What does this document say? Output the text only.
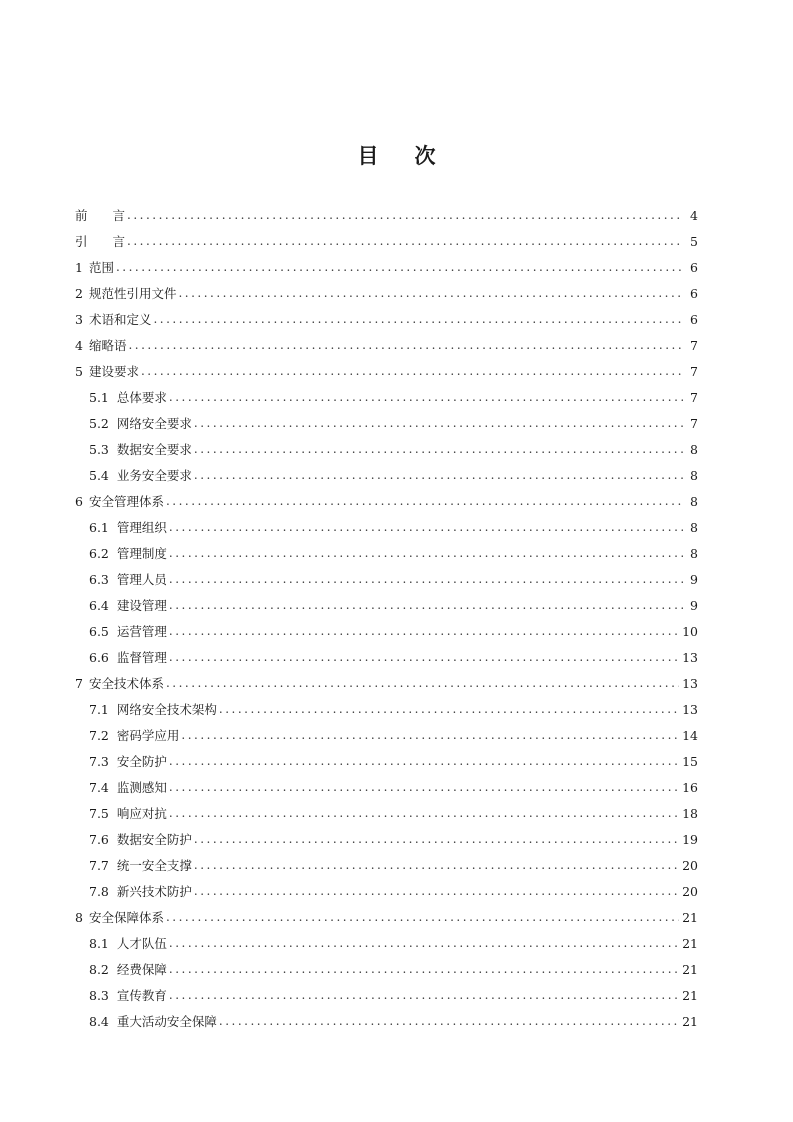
目 次
前　　言 .....	4
引　　言 .....	5
1 范围 .....	6
2 规范性引用文件 .....	6
3 术语和定义 .....	6
4 缩略语 .....	7
5 建设要求 .....	7
5.1 总体要求 .....	7
5.2 网络安全要求 .....	7
5.3 数据安全要求 .....	8
5.4 业务安全要求 .....	8
6 安全管理体系 .....	8
6.1 管理组织 .....	8
6.2 管理制度 .....	8
6.3 管理人员 .....	9
6.4 建设管理 .....	9
6.5 运营管理 .....	10
6.6 监督管理 .....	13
7 安全技术体系 .....	13
7.1 网络安全技术架构 .....	13
7.2 密码学应用 .....	14
7.3 安全防护 .....	15
7.4 监测感知 .....	16
7.5 响应对抗 .....	18
7.6 数据安全防护 .....	19
7.7 统一安全支撑 .....	20
7.8 新兴技术防护 .....	20
8 安全保障体系 .....	21
8.1 人才队伍 .....	21
8.2 经费保障 .....	21
8.3 宣传教育 .....	21
8.4 重大活动安全保障 .....	21
